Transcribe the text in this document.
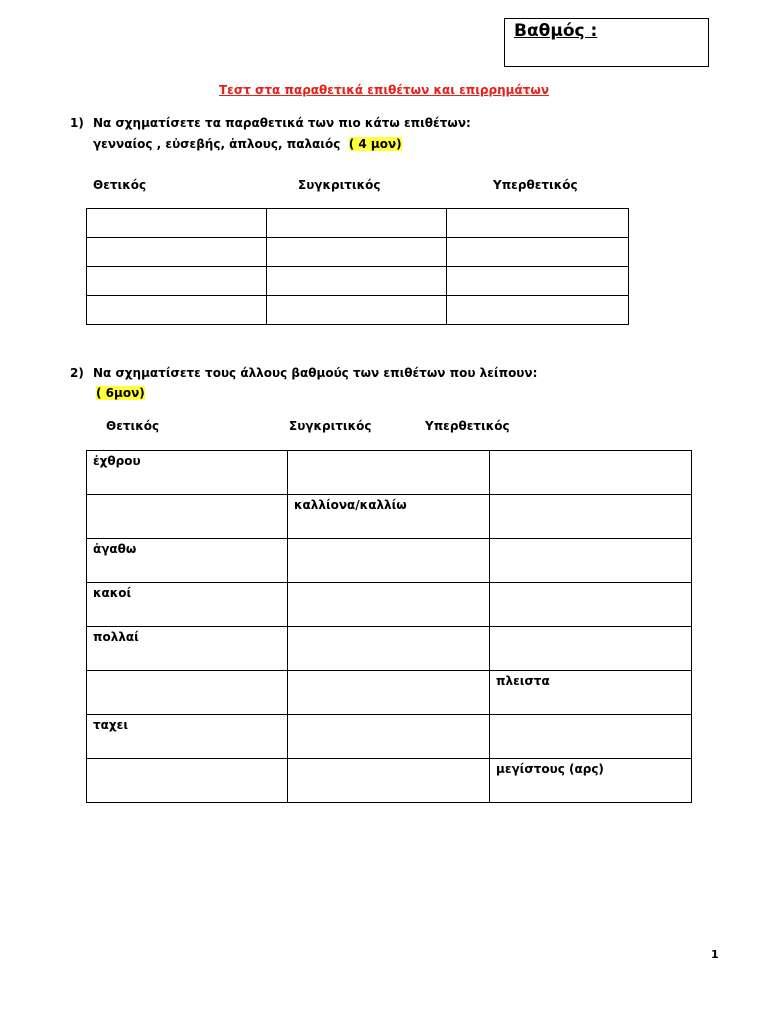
Βαθμός :
Τεστ στα παραθετικά επιθέτων και επιρρημάτων
1) Να σχηματίσετε τα παραθετικά των πιο κάτω επιθέτων:
γενναίος , εὐσεβής, ἁπλους, παλαιός ( 4 μον)
Θετικός	Συγκριτικός	Υπερθετικός

2) Να σχηματίσετε τους άλλους βαθμούς των επιθέτων που λείπουν:
( 6μον)
Θετικός	Συγκριτικός	Υπερθετικός
ἐχθρου		

	καλλίονα/καλλίω	

ἀγαθω		

κακοί		

πολλαί		

		πλειστα

ταχει		

		μεγίστους (αρς)
1
